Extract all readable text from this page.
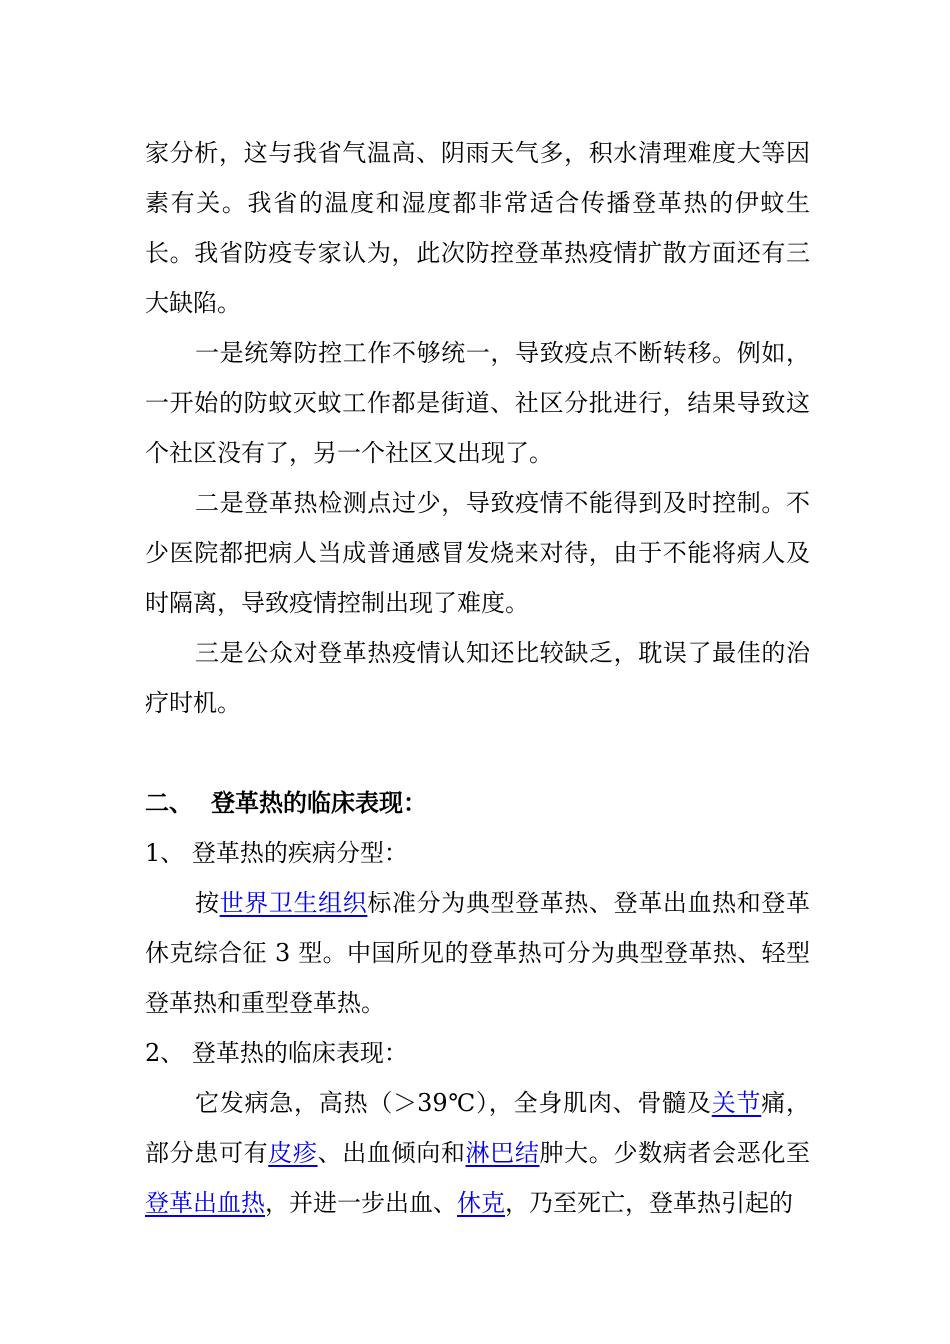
家分析，这与我省气温高、阴雨天气多，积水清理难度大等因素有关。我省的温度和湿度都非常适合传播登革热的伊蚊生长。我省防疫专家认为，此次防控登革热疫情扩散方面还有三大缺陷。

一是统筹防控工作不够统一，导致疫点不断转移。例如，一开始的防蚊灭蚊工作都是街道、社区分批进行，结果导致这个社区没有了，另一个社区又出现了。

二是登革热检测点过少，导致疫情不能得到及时控制。不少医院都把病人当成普通感冒发烧来对待，由于不能将病人及时隔离，导致疫情控制出现了难度。

三是公众对登革热疫情认知还比较缺乏，耽误了最佳的治疗时机。

二、 登革热的临床表现：

1、 登革热的疾病分型：

按世界卫生组织标准分为典型登革热、登革出血热和登革休克综合征 3 型。中国所见的登革热可分为典型登革热、轻型登革热和重型登革热。

2、 登革热的临床表现：

它发病急，高热（＞39℃），全身肌肉、骨髓及关节痛，部分患可有皮疹、出血倾向和淋巴结肿大。少数病者会恶化至登革出血热，并进一步出血、休克，乃至死亡，登革热引起的
